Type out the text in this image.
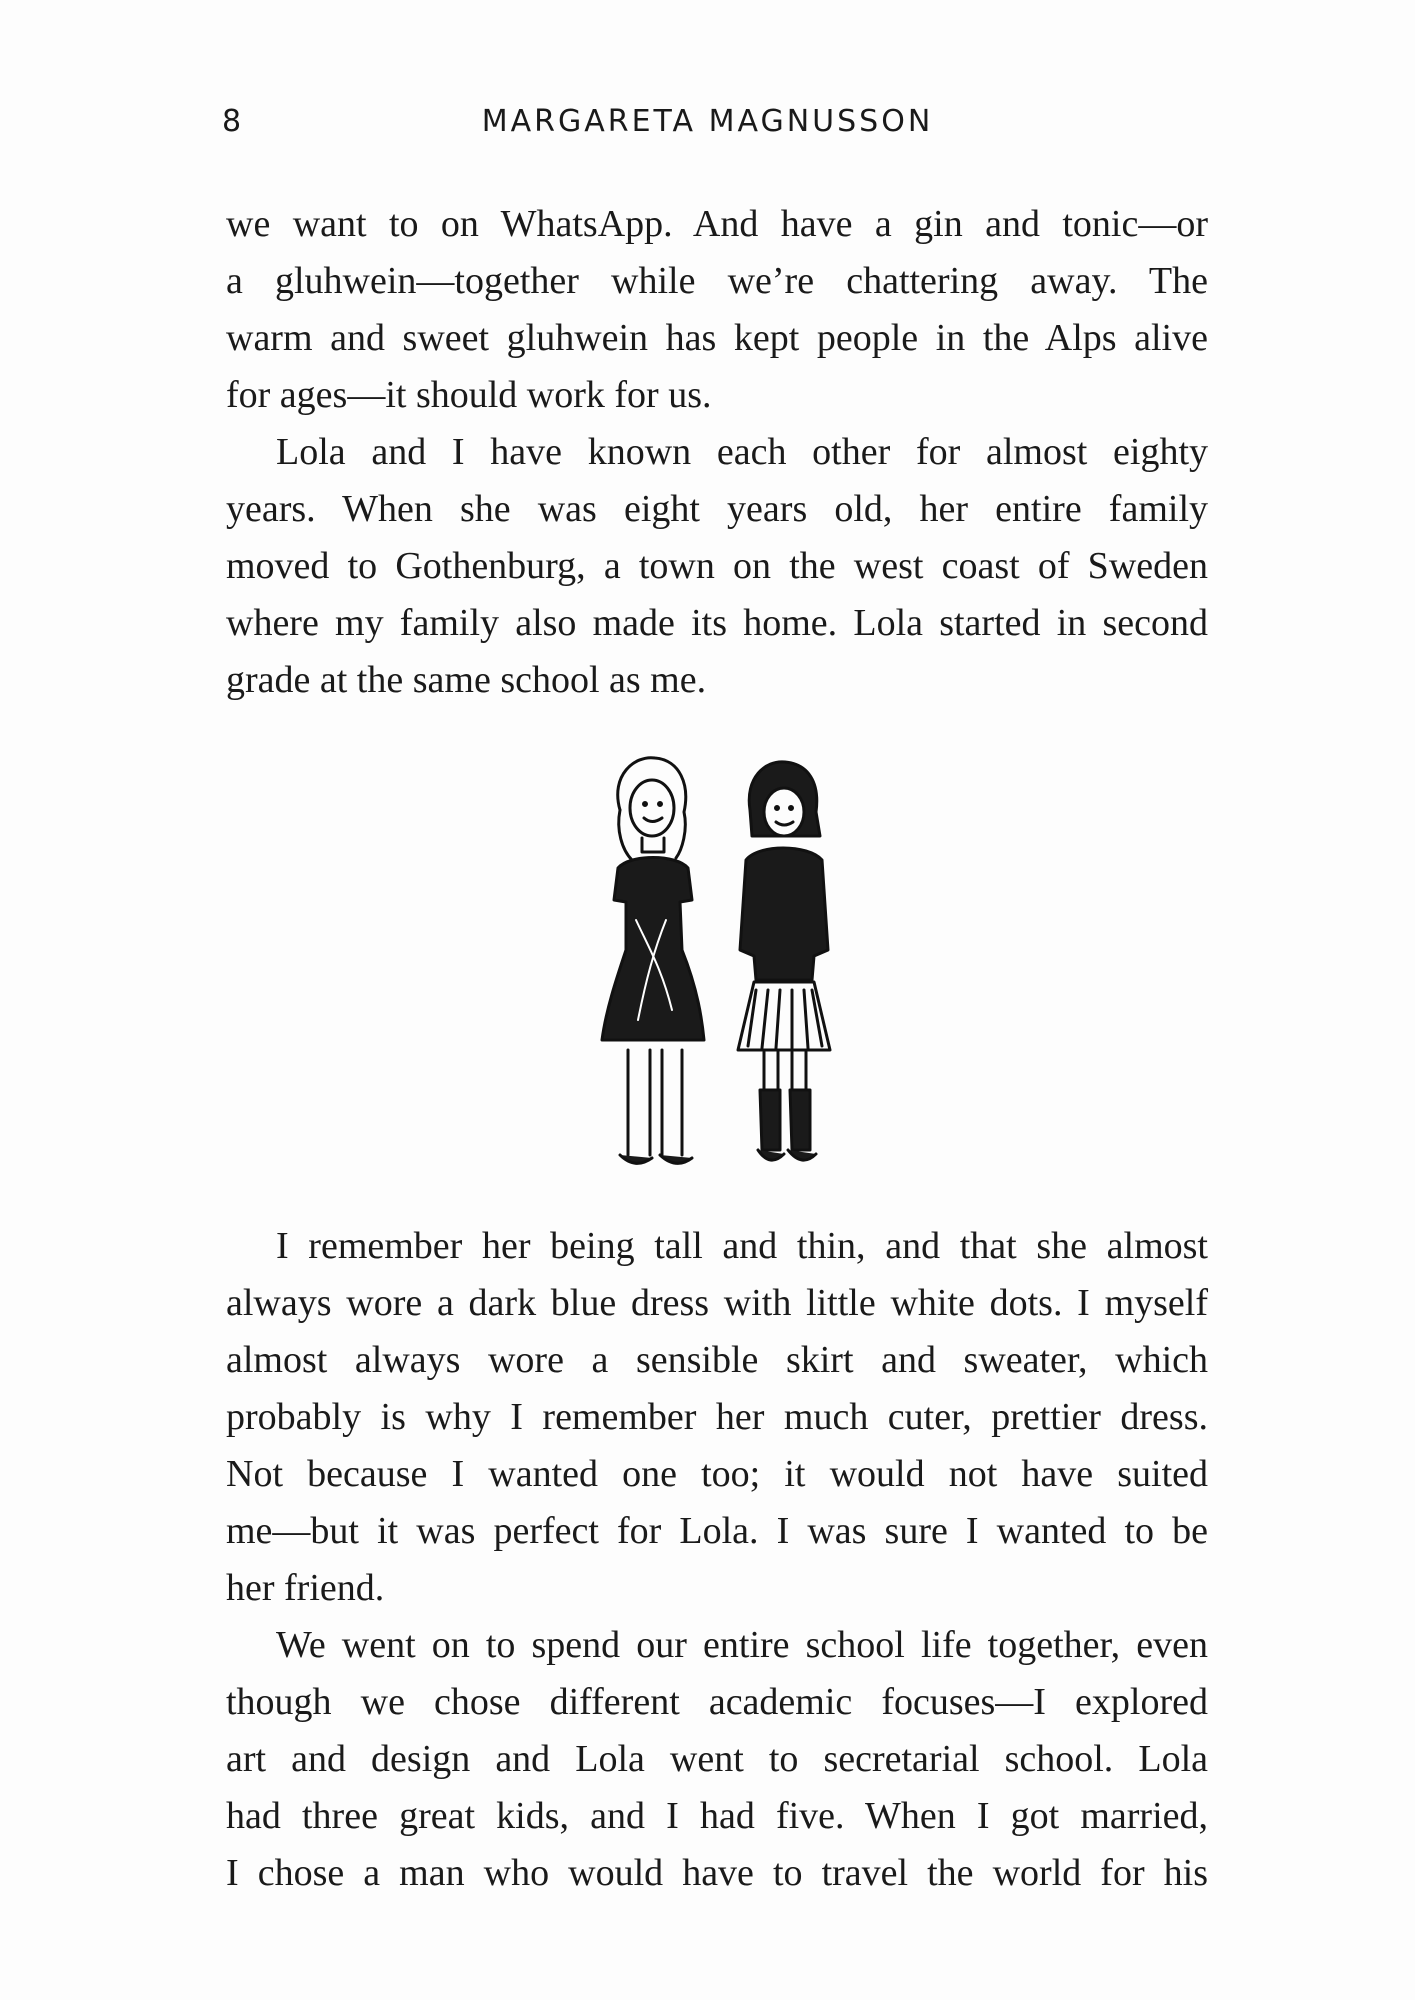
8	MARGARETA MAGNUSSON

we want to on WhatsApp. And have a gin and tonic—or
a gluhwein—together while we’re chattering away. The
warm and sweet gluhwein has kept people in the Alps alive
for ages—it should work for us.

Lola and I have known each other for almost eighty
years. When she was eight years old, her entire family
moved to Gothenburg, a town on the west coast of Sweden
where my family also made its home. Lola started in second
grade at the same school as me.

I remember her being tall and thin, and that she almost
always wore a dark blue dress with little white dots. I myself
almost always wore a sensible skirt and sweater, which
probably is why I remember her much cuter, prettier dress.
Not because I wanted one too; it would not have suited
me—but it was perfect for Lola. I was sure I wanted to be
her friend.

We went on to spend our entire school life together, even
though we chose different academic focuses—I explored
art and design and Lola went to secretarial school. Lola
had three great kids, and I had five. When I got married,
I chose a man who would have to travel the world for his
